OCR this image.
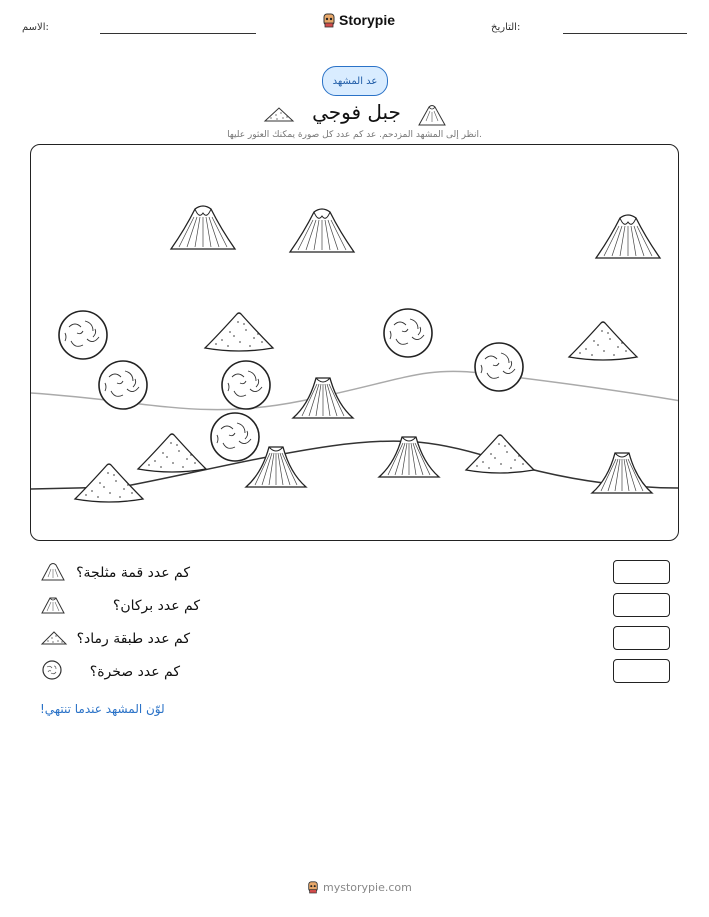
التاريخ:
الاسم:	Storypie
عد المشهد
جبل فوجي
انظر إلى المشهد المزدحم. عد كم عدد كل صورة يمكنك العثور عليها.
كم عدد قمة مثلجة؟
كم عدد بركان؟
كم عدد طبقة رماد؟
كم عدد صخرة؟
لوّن المشهد عندما تنتهي!
mystorypie.com
